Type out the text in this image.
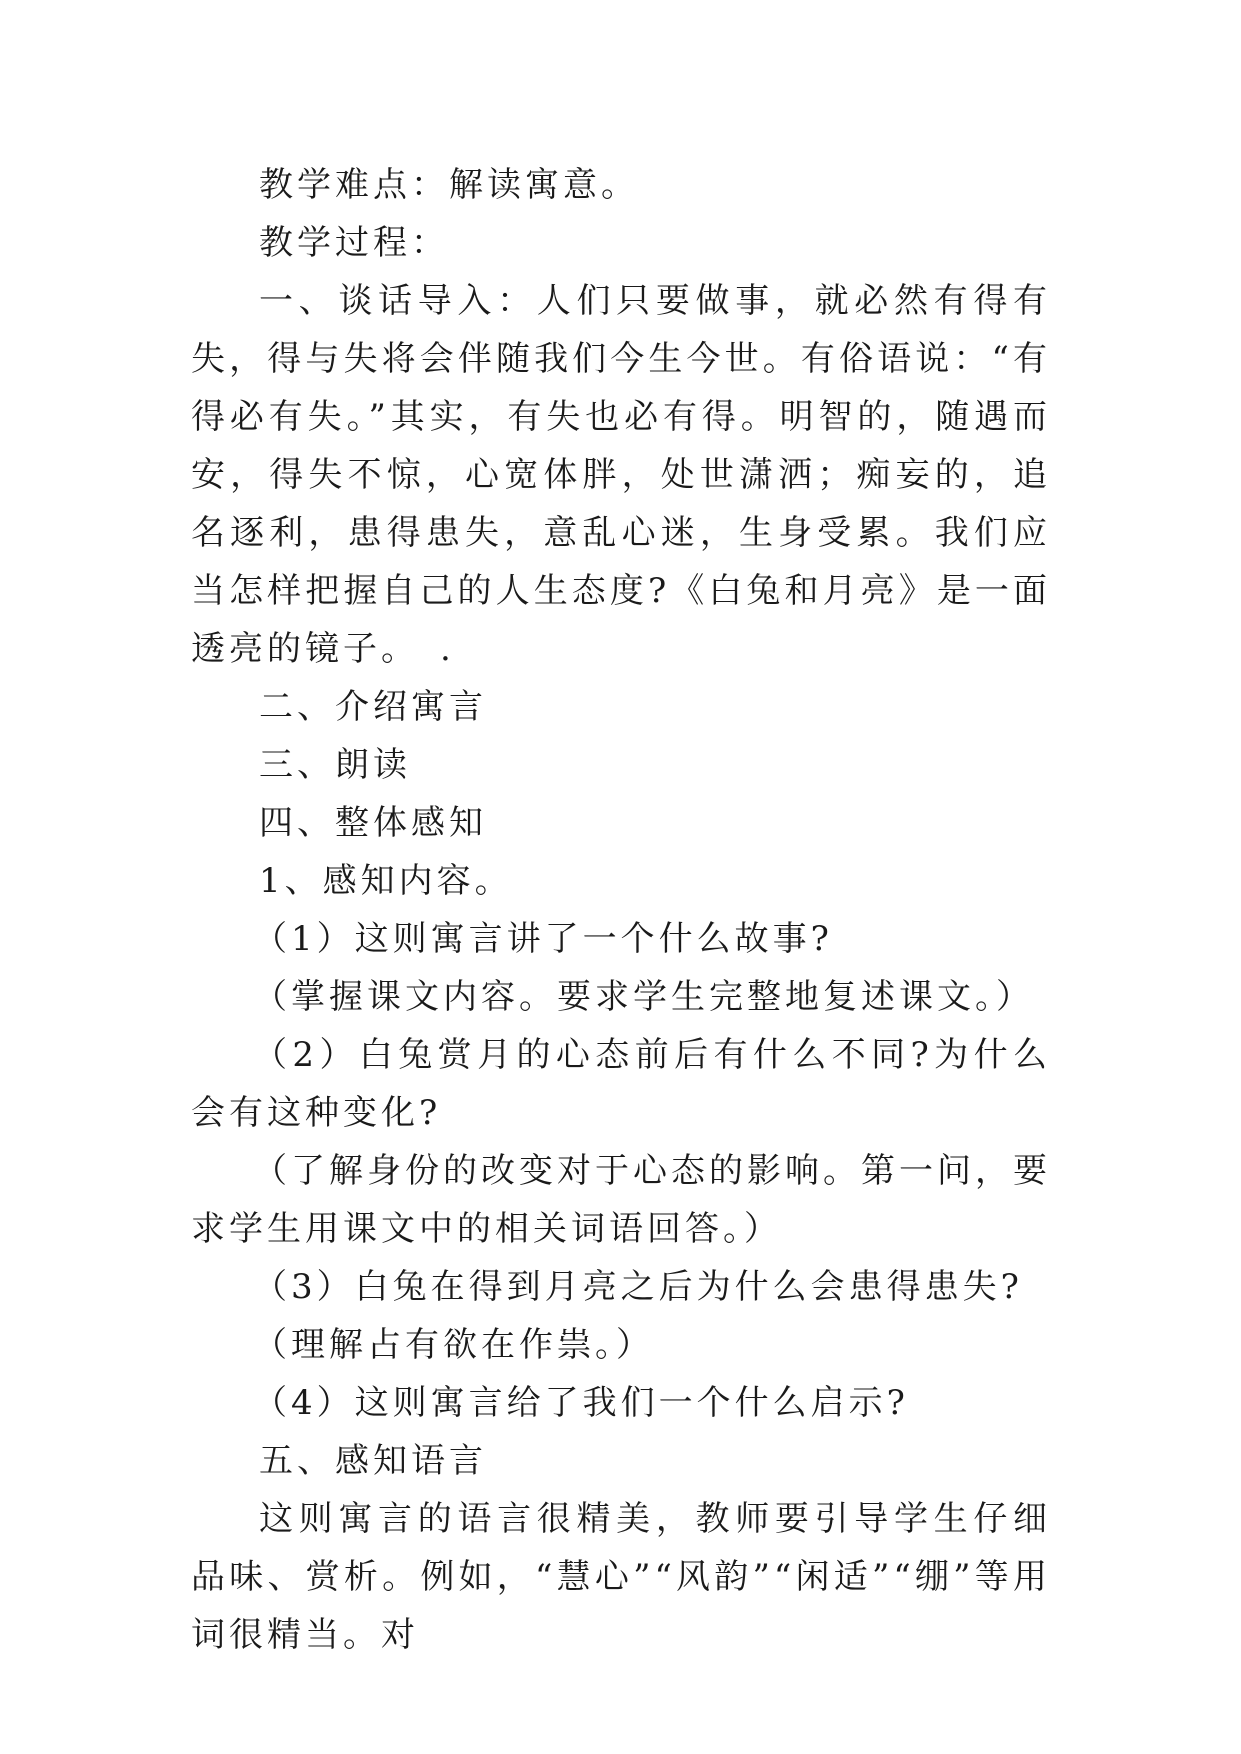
教学难点：解读寓意。

教学过程：

一、谈话导入：人们只要做事，就必然有得有失，得与失将会伴随我们今生今世。有俗语说：“有得必有失。”其实，有失也必有得。明智的，随遇而安，得失不惊，心宽体胖，处世潇洒；痴妄的，追名逐利，患得患失，意乱心迷，生身受累。我们应当怎样把握自己的人生态度?《白兔和月亮》是一面透亮的镜子。　.

二、介绍寓言

三、朗读

四、整体感知

1、感知内容。

（1）这则寓言讲了一个什么故事?

（掌握课文内容。要求学生完整地复述课文。）

（2）白兔赏月的心态前后有什么不同?为什么会有这种变化?

（了解身份的改变对于心态的影响。第一问，要求学生用课文中的相关词语回答。）

（3）白兔在得到月亮之后为什么会患得患失?

（理解占有欲在作祟。）

（4）这则寓言给了我们一个什么启示?

五、感知语言

这则寓言的语言很精美，教师要引导学生仔细品味、赏析。例如，“慧心”“风韵”“闲适”“绷”等用词很精当。对
